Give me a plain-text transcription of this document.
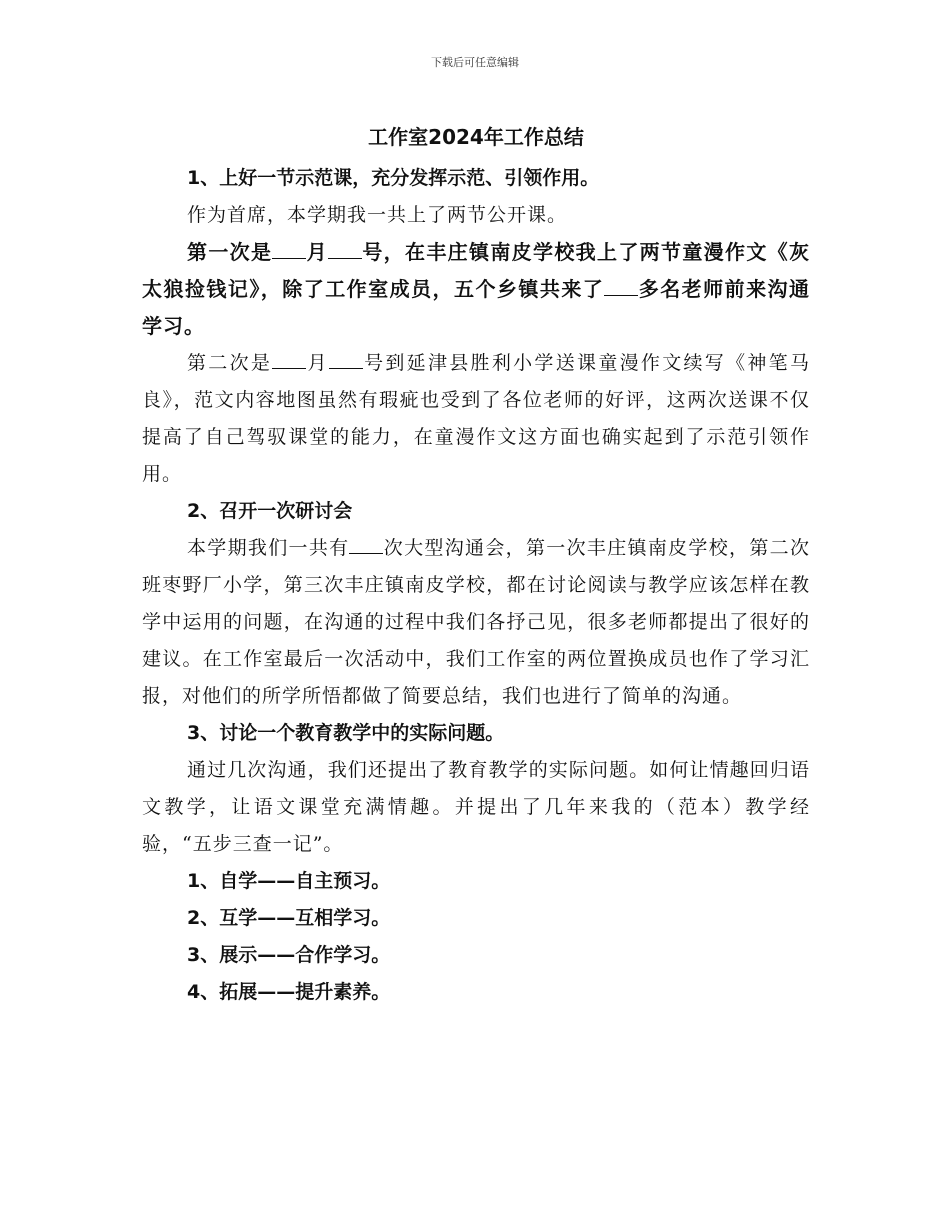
下载后可任意编辑
工作室2024年工作总结

1、上好一节示范课，充分发挥示范、引领作用。

作为首席，本学期我一共上了两节公开课。

第一次是 月 号，在丰庄镇南皮学校我上了两节童漫作文《灰太狼捡钱记》，除了工作室成员，五个乡镇共来了 多名老师前来沟通学习。

第二次是 月 号到延津县胜利小学送课童漫作文续写《神笔马良》，范文内容地图虽然有瑕疵也受到了各位老师的好评，这两次送课不仅提高了自己驾驭课堂的能力，在童漫作文这方面也确实起到了示范引领作用。

2、召开一次研讨会

本学期我们一共有 次大型沟通会，第一次丰庄镇南皮学校，第二次班枣野厂小学，第三次丰庄镇南皮学校，都在讨论阅读与教学应该怎样在教学中运用的问题，在沟通的过程中我们各抒己见，很多老师都提出了很好的建议。在工作室最后一次活动中，我们工作室的两位置换成员也作了学习汇报，对他们的所学所悟都做了简要总结，我们也进行了简单的沟通。

3、讨论一个教育教学中的实际问题。

通过几次沟通，我们还提出了教育教学的实际问题。如何让情趣回归语文教学，让语文课堂充满情趣。并提出了几年来我的（范本）教学经验，“五步三查一记”。

1、自学——自主预习。

2、互学——互相学习。

3、展示——合作学习。

4、拓展——提升素养。
